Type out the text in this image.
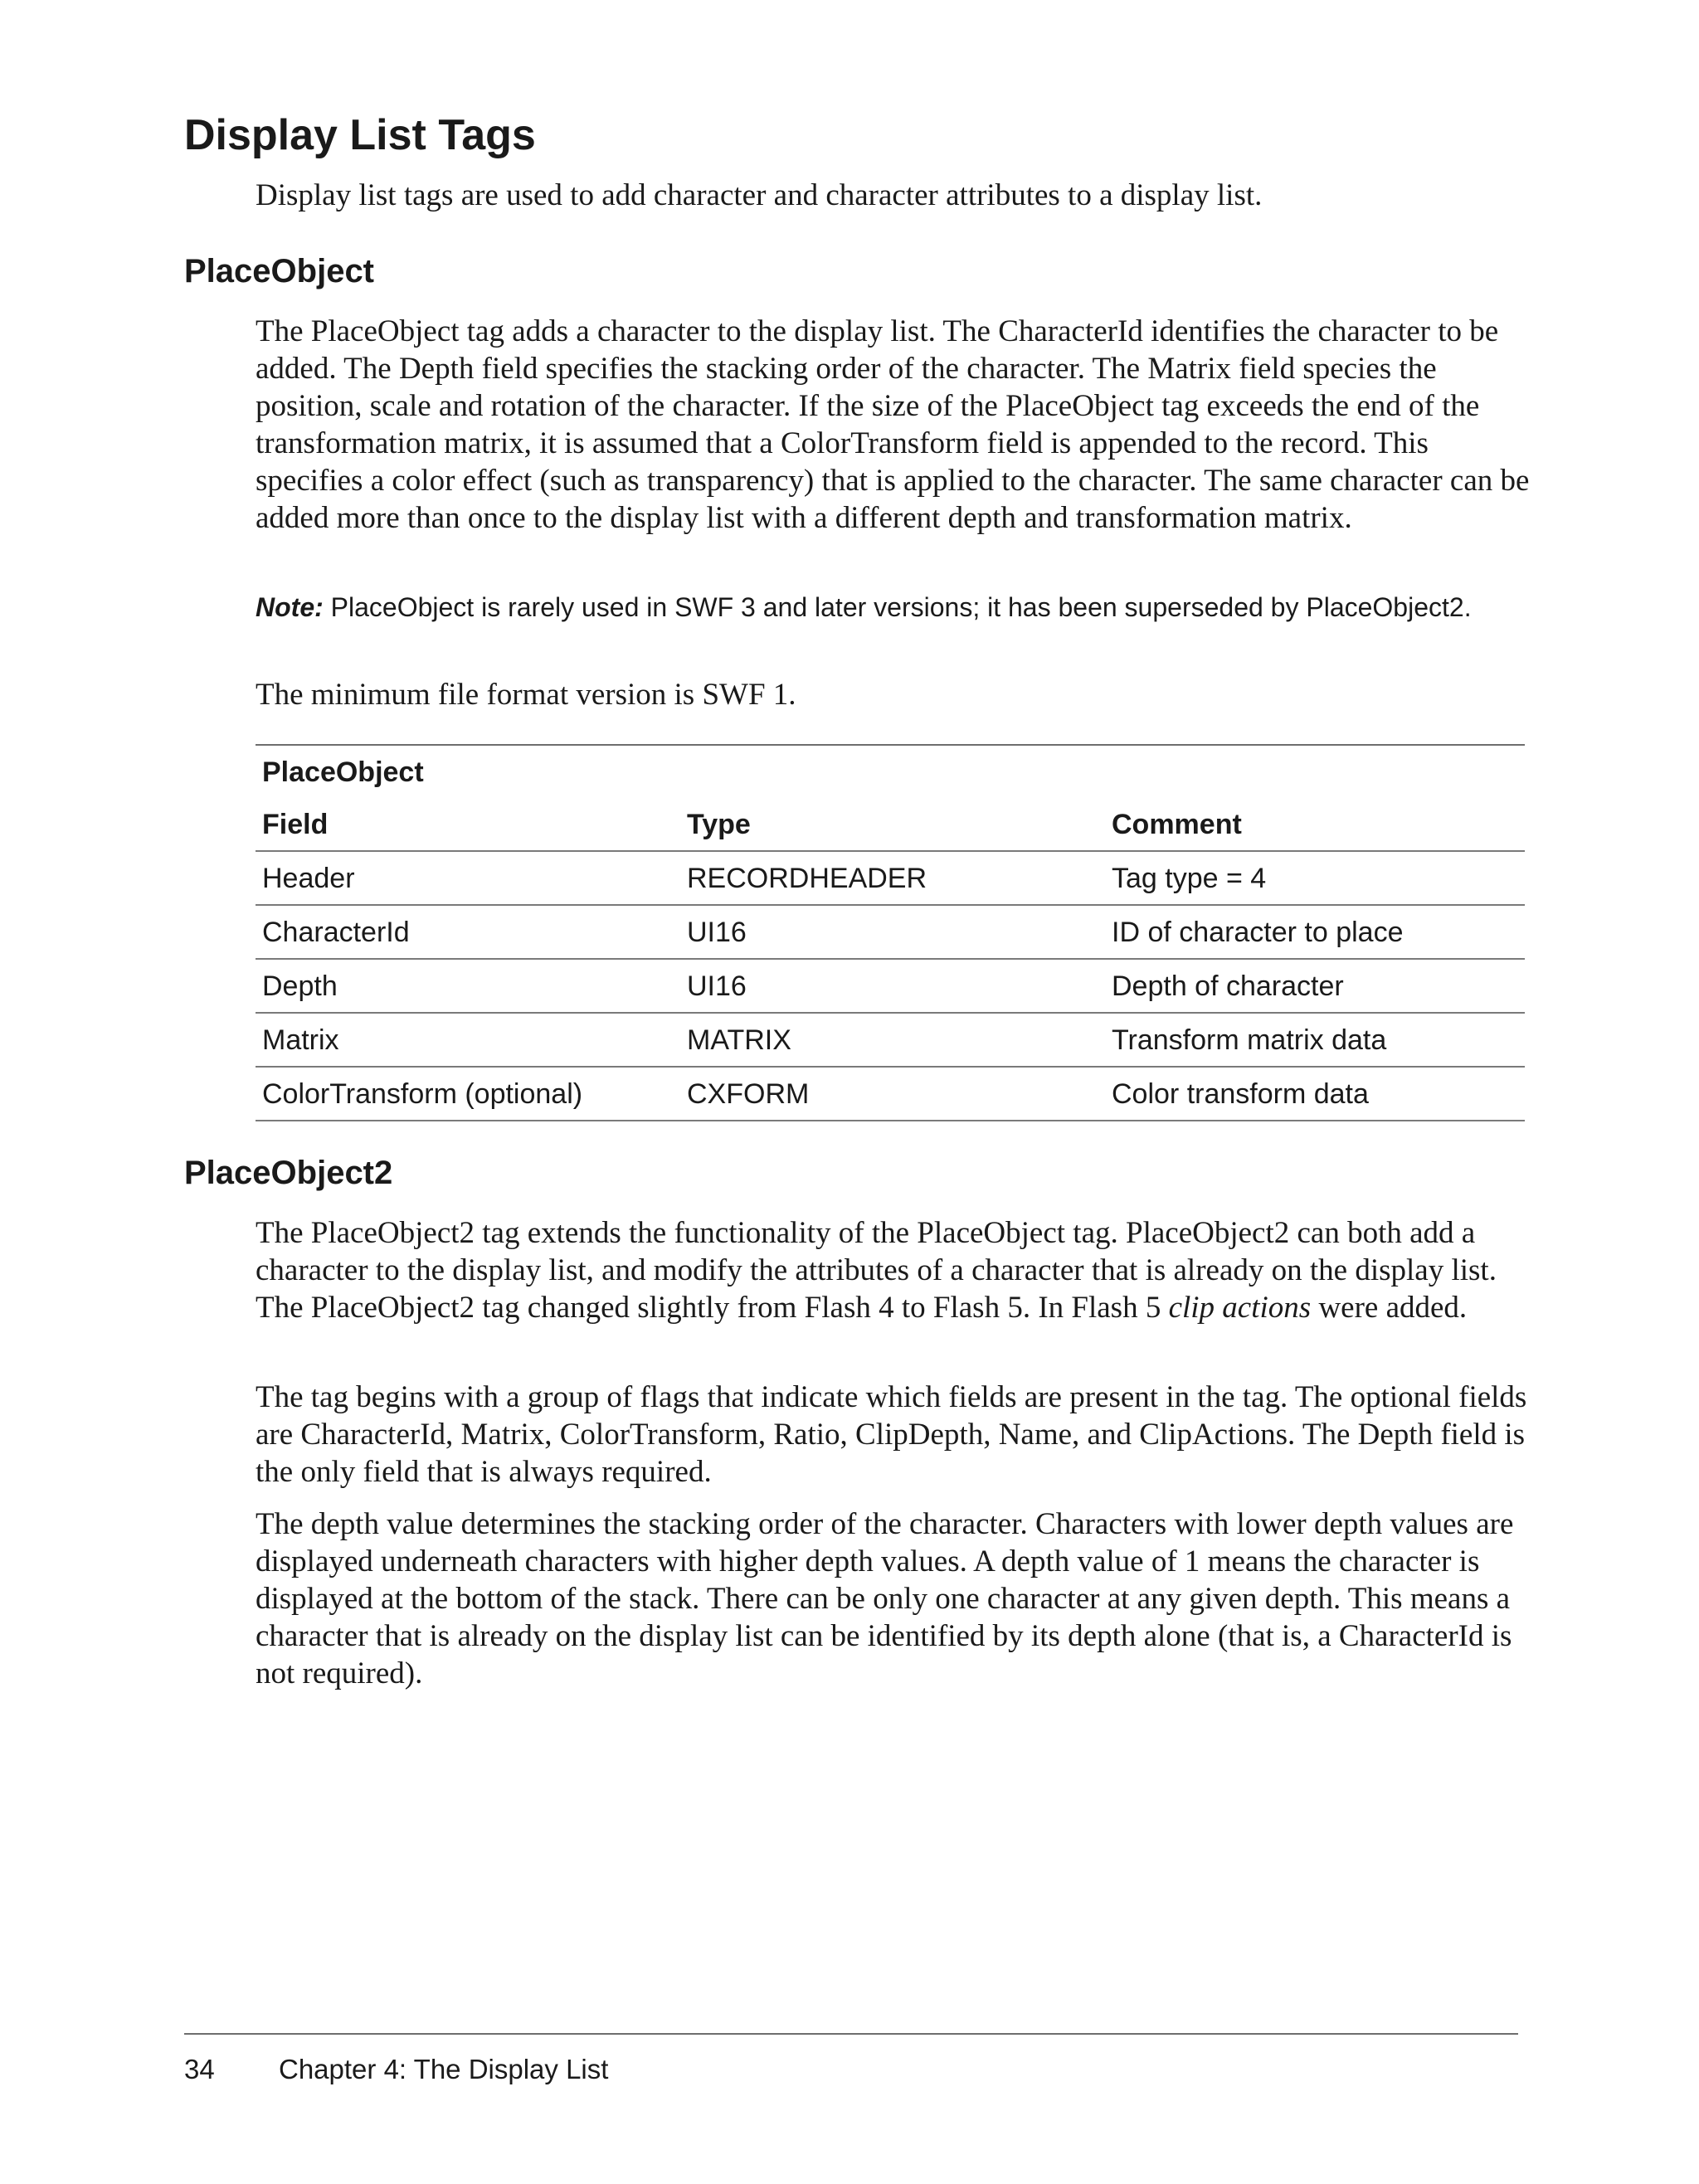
Display List Tags

Display list tags are used to add character and character attributes to a display list.

PlaceObject

The PlaceObject tag adds a character to the display list. The CharacterId identifies the character to be added. The Depth field specifies the stacking order of the character. The Matrix field species the position, scale and rotation of the character. If the size of the PlaceObject tag exceeds the end of the transformation matrix, it is assumed that a ColorTransform field is appended to the record. This specifies a color effect (such as transparency) that is applied to the character. The same character can be added more than once to the display list with a different depth and transformation matrix.

Note: PlaceObject is rarely used in SWF 3 and later versions; it has been superseded by PlaceObject2.

The minimum file format version is SWF 1.

PlaceObject
Field	Type	Comment
Header	RECORDHEADER	Tag type = 4
CharacterId	UI16	ID of character to place
Depth	UI16	Depth of character
Matrix	MATRIX	Transform matrix data
ColorTransform (optional)	CXFORM	Color transform data
PlaceObject2

The PlaceObject2 tag extends the functionality of the PlaceObject tag. PlaceObject2 can both add a character to the display list, and modify the attributes of a character that is already on the display list. The PlaceObject2 tag changed slightly from Flash 4 to Flash 5. In Flash 5 clip actions were added.

The tag begins with a group of flags that indicate which fields are present in the tag. The optional fields are CharacterId, Matrix, ColorTransform, Ratio, ClipDepth, Name, and ClipActions. The Depth field is the only field that is always required.

The depth value determines the stacking order of the character. Characters with lower depth values are displayed underneath characters with higher depth values. A depth value of 1 means the character is displayed at the bottom of the stack. There can be only one character at any given depth. This means a character that is already on the display list can be identified by its depth alone (that is, a CharacterId is not required).

34 Chapter 4: The Display List
